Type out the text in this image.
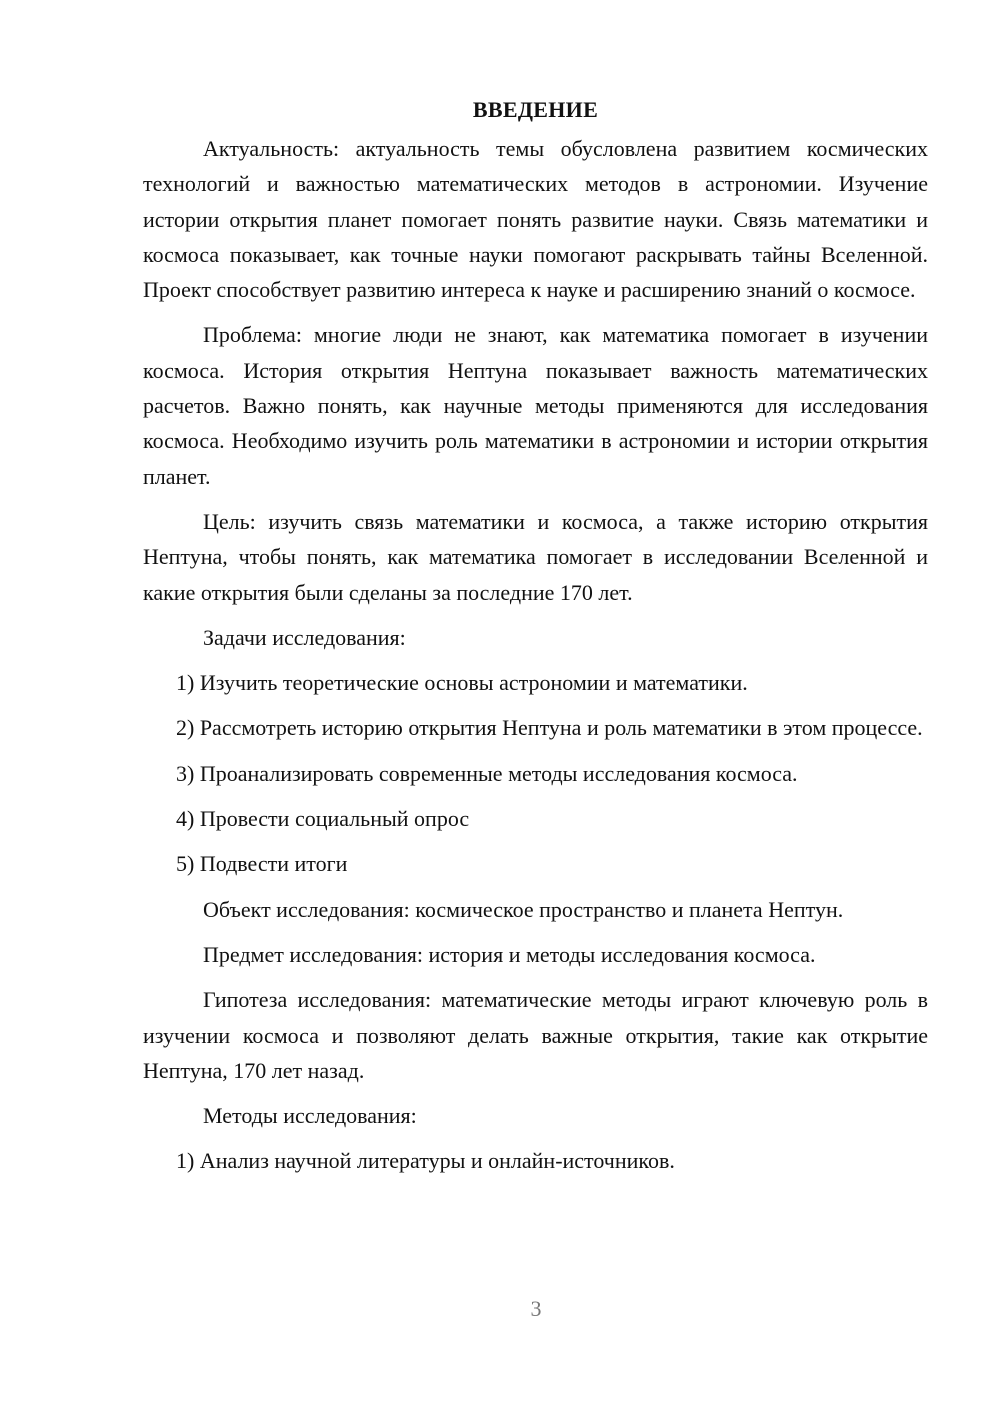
ВВЕДЕНИЕ

Актуальность: актуальность темы обусловлена развитием космических технологий и важностью математических методов в астрономии. Изучение истории открытия планет помогает понять развитие науки. Связь математики и космоса показывает, как точные науки помогают раскрывать тайны Вселенной. Проект способствует развитию интереса к науке и расширению знаний о космосе.

Проблема: многие люди не знают, как математика помогает в изучении космоса. История открытия Нептуна показывает важность математических расчетов. Важно понять, как научные методы применяются для исследования космоса. Необходимо изучить роль математики в астрономии и истории открытия планет.

Цель: изучить связь математики и космоса, а также историю открытия Нептуна, чтобы понять, как математика помогает в исследовании Вселенной и какие открытия были сделаны за последние 170 лет.

Задачи исследования:

1) Изучить теоретические основы астрономии и математики.

2) Рассмотреть историю открытия Нептуна и роль математики в этом процессе.

3) Проанализировать современные методы исследования космоса.

4) Провести социальный опрос

5) Подвести итоги

Объект исследования: космическое пространство и планета Нептун.

Предмет исследования: история и методы исследования космоса.

Гипотеза исследования: математические методы играют ключевую роль в изучении космоса и позволяют делать важные открытия, такие как открытие Нептуна, 170 лет назад.

Методы исследования:

1) Анализ научной литературы и онлайн-источников.

3
